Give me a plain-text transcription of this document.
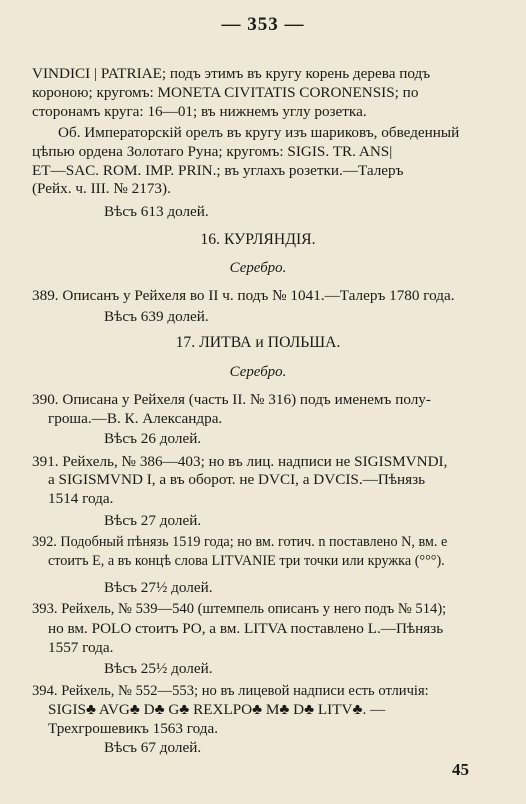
— 353 —
VINDICI | PATRIAE; подъ этимъ въ кругу корень дерева подъ
короною; кругомъ: MONETA CIVITATIS CORONENSIS; по
сторонамъ круга: 16—01; въ нижнемъ углу розетка.
Об. Императорскій орелъ въ кругу изъ шариковъ, обведенный
цѣпью ордена Золотаго Руна; кругомъ: SIGIS. TR. ANS|
ET—SAC. ROM. IMP. PRIN.; въ углахъ розетки.—Талеръ
(Рейх. ч. III. № 2173).
Вѣсъ 613 долей.
16. КУРЛЯНДІЯ.
Серебро.
389. Описанъ у Рейхеля во II ч. подъ № 1041.—Талеръ 1780 года.
Вѣсъ 639 долей.
17. ЛИТВА и ПОЛЬША.
Серебро.
390. Описана у Рейхеля (часть II. № 316) подъ именемъ полу-
гроша.—В. К. Александра.
Вѣсъ 26 долей.
391. Рейхель, № 386—403; но въ лиц. надписи не SIGISMVNDI,
а SIGISMVND I, а въ оборот. не DVCI, а DVCIS.—Пѣнязь
1514 года.
Вѣсъ 27 долей.
392. Подобный пѣнязь 1519 года; но вм. готич. n поставлено N, вм. e
стоитъ E, а въ концѣ слова LITVANIE три точки или кружка (°°°).
Вѣсъ 27½ долей.
393. Рейхель, № 539—540 (штемпель описанъ у него подъ № 514);
но вм. POLO стоитъ PO, а вм. LITVA поставлено L.—Пѣнязь
1557 года.
Вѣсъ 25½ долей.
394. Рейхель, № 552—553; но въ лицевой надписи есть отличія:
SIGIS♣ AVG♣ D♣ G♣ REXLPO♣ M♣ D♣ LITV♣. —
Трехгрошевикъ 1563 года.
Вѣсъ 67 долей.
45
